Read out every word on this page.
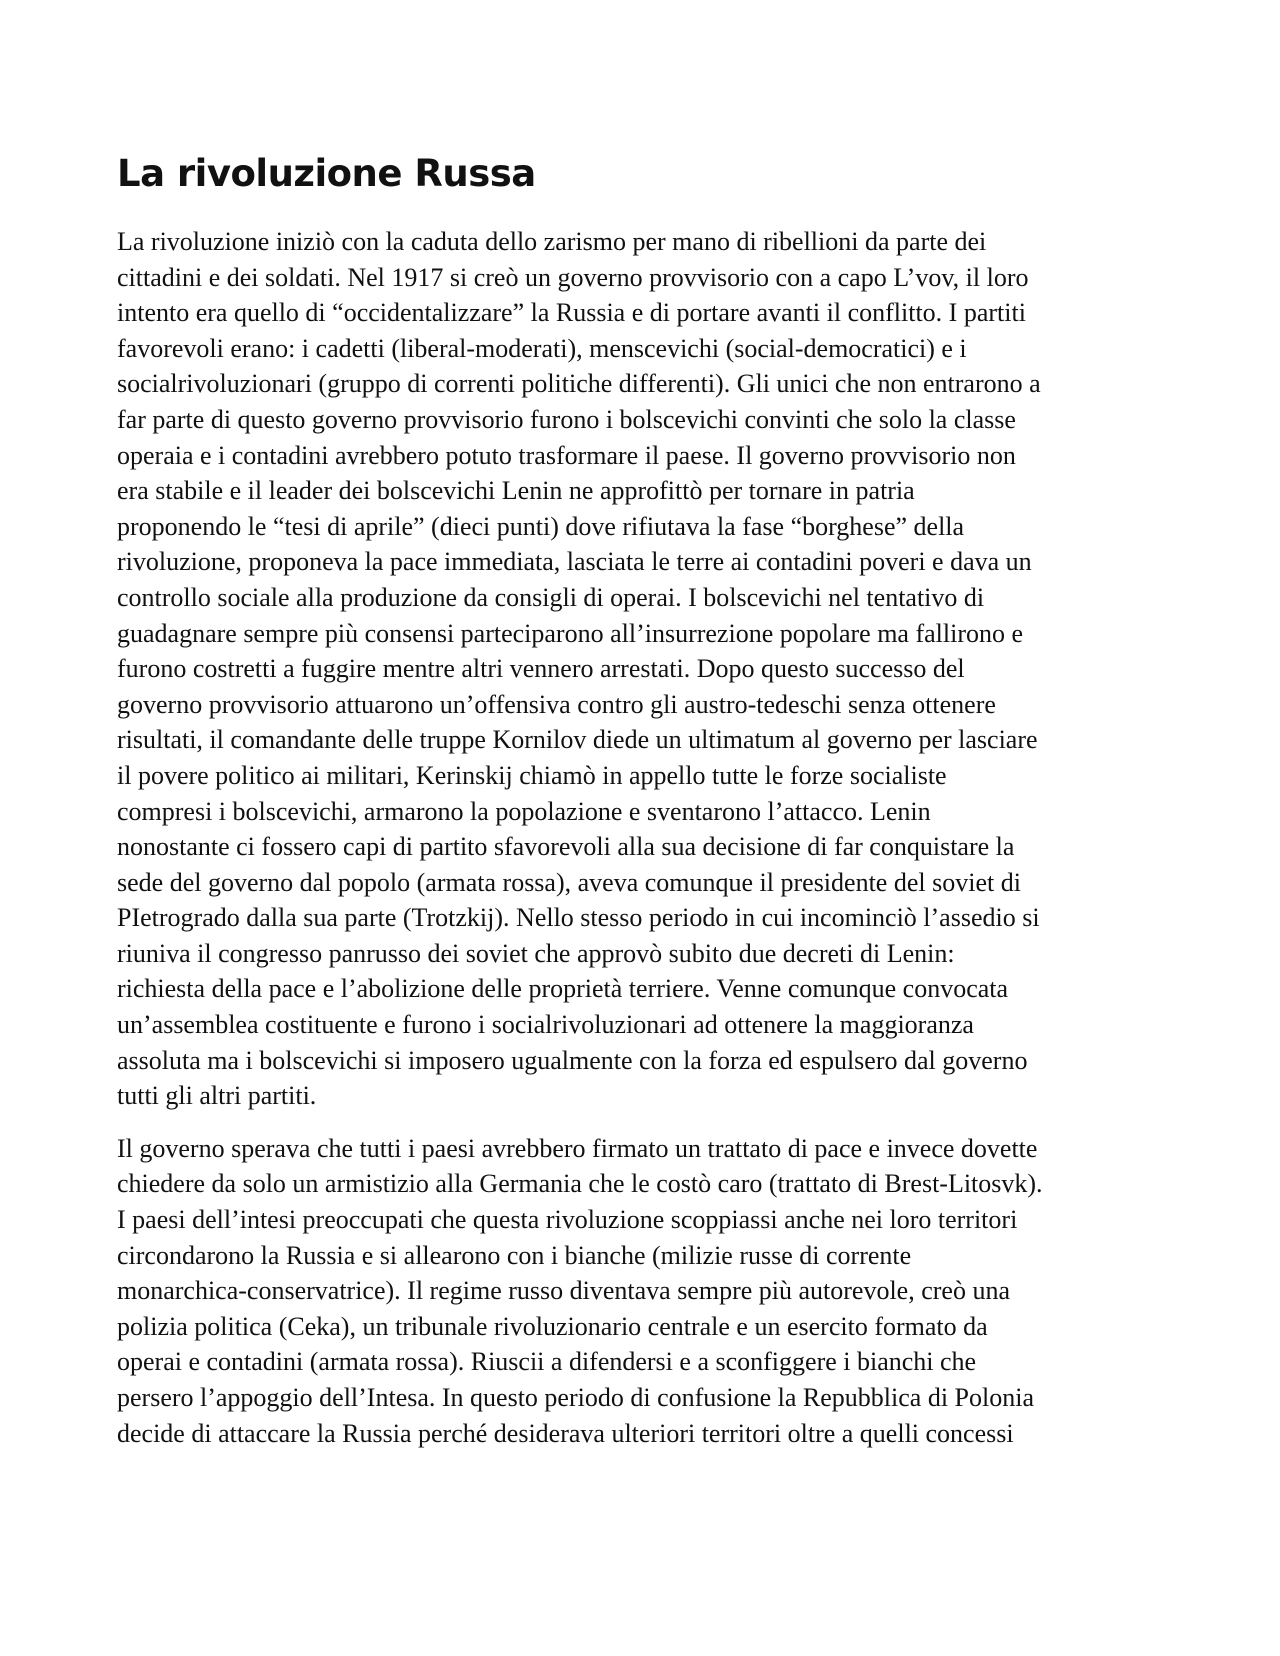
La rivoluzione Russa
La rivoluzione iniziò con la caduta dello zarismo per mano di ribellioni da parte dei
cittadini e dei soldati. Nel 1917 si creò un governo provvisorio con a capo L’vov, il loro
intento era quello di “occidentalizzare” la Russia e di portare avanti il conflitto. I partiti
favorevoli erano: i cadetti (liberal-moderati), menscevichi (social-democratici) e i
socialrivoluzionari (gruppo di correnti politiche differenti). Gli unici che non entrarono a
far parte di questo governo provvisorio furono i bolscevichi convinti che solo la classe
operaia e i contadini avrebbero potuto trasformare il paese. Il governo provvisorio non
era stabile e il leader dei bolscevichi Lenin ne approfittò per tornare in patria
proponendo le “tesi di aprile” (dieci punti) dove rifiutava la fase “borghese” della
rivoluzione, proponeva la pace immediata, lasciata le terre ai contadini poveri e dava un
controllo sociale alla produzione da consigli di operai. I bolscevichi nel tentativo di
guadagnare sempre più consensi parteciparono all’insurrezione popolare ma fallirono e
furono costretti a fuggire mentre altri vennero arrestati. Dopo questo successo del
governo provvisorio attuarono un’offensiva contro gli austro-tedeschi senza ottenere
risultati, il comandante delle truppe Kornilov diede un ultimatum al governo per lasciare
il povere politico ai militari, Kerinskij chiamò in appello tutte le forze socialiste
compresi i bolscevichi, armarono la popolazione e sventarono l’attacco. Lenin
nonostante ci fossero capi di partito sfavorevoli alla sua decisione di far conquistare la
sede del governo dal popolo (armata rossa), aveva comunque il presidente del soviet di
PIetrogrado dalla sua parte (Trotzkij). Nello stesso periodo in cui incominciò l’assedio si
riuniva il congresso panrusso dei soviet che approvò subito due decreti di Lenin:
richiesta della pace e l’abolizione delle proprietà terriere. Venne comunque convocata
un’assemblea costituente e furono i socialrivoluzionari ad ottenere la maggioranza
assoluta ma i bolscevichi si imposero ugualmente con la forza ed espulsero dal governo
tutti gli altri partiti.
Il governo sperava che tutti i paesi avrebbero firmato un trattato di pace e invece dovette
chiedere da solo un armistizio alla Germania che le costò caro (trattato di Brest-Litosvk).
I paesi dell’intesi preoccupati che questa rivoluzione scoppiassi anche nei loro territori
circondarono la Russia e si allearono con i bianche (milizie russe di corrente
monarchica-conservatrice). Il regime russo diventava sempre più autorevole, creò una
polizia politica (Ceka), un tribunale rivoluzionario centrale e un esercito formato da
operai e contadini (armata rossa). Riuscii a difendersi e a sconfiggere i bianchi che
persero l’appoggio dell’Intesa. In questo periodo di confusione la Repubblica di Polonia
decide di attaccare la Russia perché desiderava ulteriori territori oltre a quelli concessi
